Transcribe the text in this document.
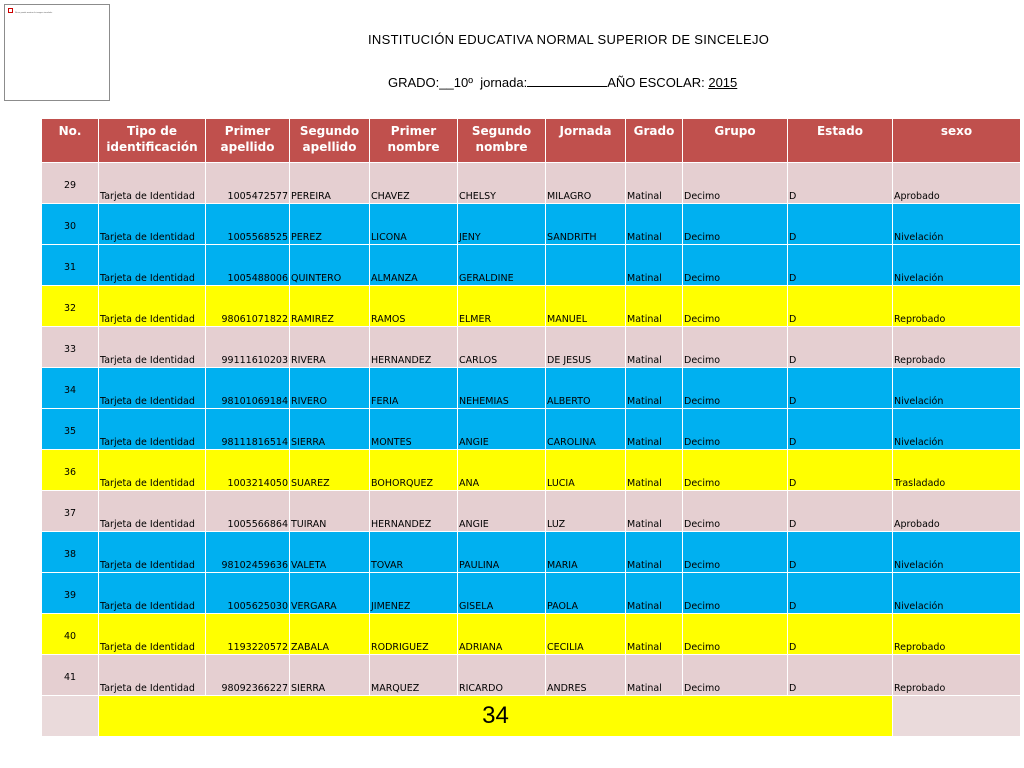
No se puede mostrar la imagen vinculada.
INSTITUCIÓN EDUCATIVA NORMAL SUPERIOR DE SINCELEJO
GRADO:__10º jornada:	AÑO ESCOLAR: 2015
No.	Tipo de identificación	Primer apellido	Segundo apellido	Primer nombre	Segundo nombre	Jornada	Grado	Grupo	Estado	sexo
29	Tarjeta de Identidad	1005472577	PEREIRA	CHAVEZ	CHELSY	MILAGRO	Matinal	Decimo	D	Aprobado
30	Tarjeta de Identidad	1005568525	PEREZ	LICONA	JENY	SANDRITH	Matinal	Decimo	D	Nivelación
31	Tarjeta de Identidad	1005488006	QUINTERO	ALMANZA	GERALDINE		Matinal	Decimo	D	Nivelación
32	Tarjeta de Identidad	98061071822	RAMIREZ	RAMOS	ELMER	MANUEL	Matinal	Decimo	D	Reprobado
33	Tarjeta de Identidad	99111610203	RIVERA	HERNANDEZ	CARLOS	DE JESUS	Matinal	Decimo	D	Reprobado
34	Tarjeta de Identidad	98101069184	RIVERO	FERIA	NEHEMIAS	ALBERTO	Matinal	Decimo	D	Nivelación
35	Tarjeta de Identidad	98111816514	SIERRA	MONTES	ANGIE	CAROLINA	Matinal	Decimo	D	Nivelación
36	Tarjeta de Identidad	1003214050	SUAREZ	BOHORQUEZ	ANA	LUCIA	Matinal	Decimo	D	Trasladado
37	Tarjeta de Identidad	1005566864	TUIRAN	HERNANDEZ	ANGIE	LUZ	Matinal	Decimo	D	Aprobado
38	Tarjeta de Identidad	98102459636	VALETA	TOVAR	PAULINA	MARIA	Matinal	Decimo	D	Nivelación
39	Tarjeta de Identidad	1005625030	VERGARA	JIMENEZ	GISELA	PAOLA	Matinal	Decimo	D	Nivelación
40	Tarjeta de Identidad	1193220572	ZABALA	RODRIGUEZ	ADRIANA	CECILIA	Matinal	Decimo	D	Reprobado
41	Tarjeta de Identidad	98092366227	SIERRA	MARQUEZ	RICARDO	ANDRES	Matinal	Decimo	D	Reprobado
	34									
